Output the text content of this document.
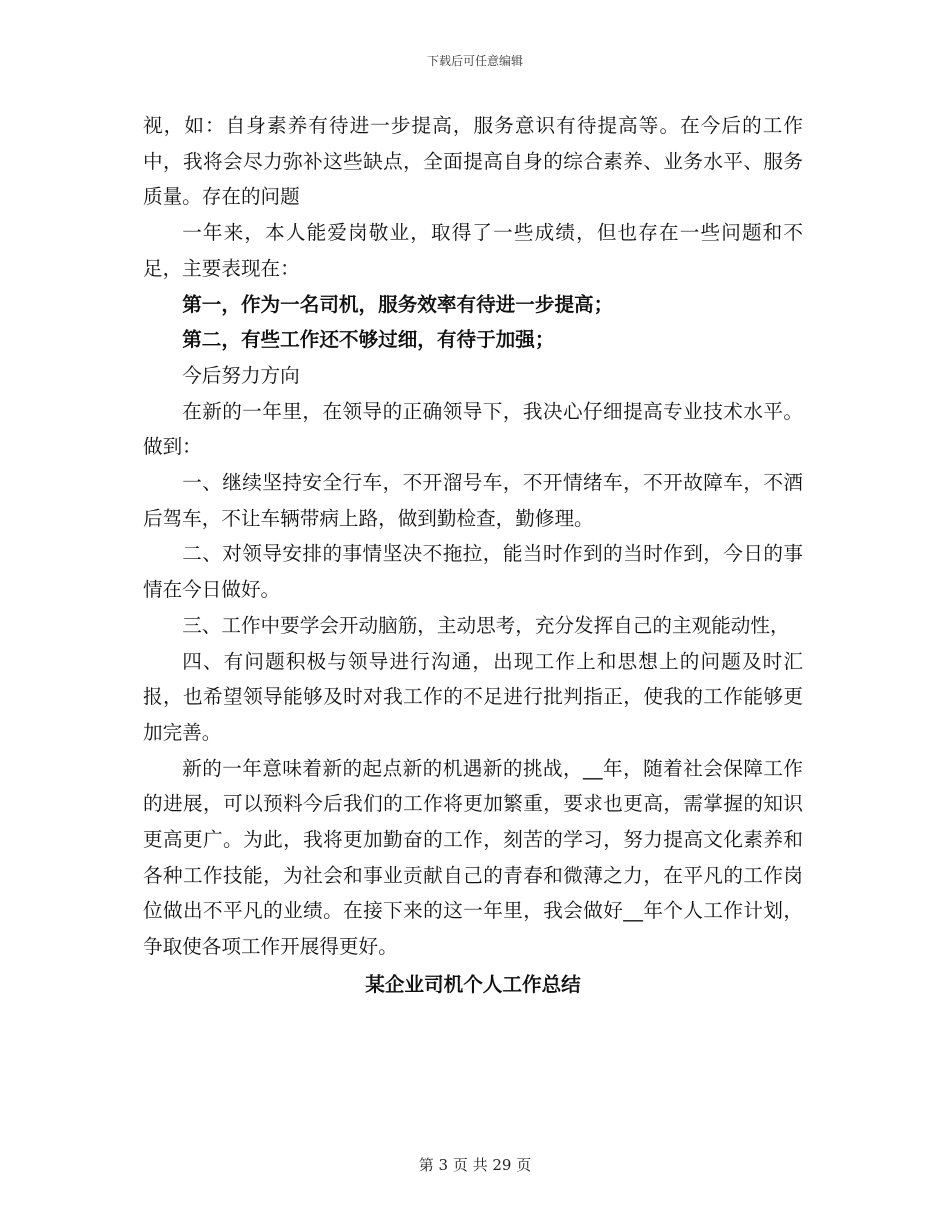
下载后可任意编辑

视，如：自身素养有待进一步提高，服务意识有待提高等。在今后的工作中，我将会尽力弥补这些缺点，全面提高自身的综合素养、业务水平、服务质量。存在的问题

一年来，本人能爱岗敬业，取得了一些成绩，但也存在一些问题和不足，主要表现在：

第一，作为一名司机，服务效率有待进一步提高；

第二，有些工作还不够过细，有待于加强；

今后努力方向

在新的一年里，在领导的正确领导下，我决心仔细提高专业技术水平。做到：

一、继续坚持安全行车，不开溜号车，不开情绪车，不开故障车，不酒后驾车，不让车辆带病上路，做到勤检查，勤修理。

二、对领导安排的事情坚决不拖拉，能当时作到的当时作到，今日的事情在今日做好。

三、工作中要学会开动脑筋，主动思考，充分发挥自己的主观能动性，

四、有问题积极与领导进行沟通，出现工作上和思想上的问题及时汇报，也希望领导能够及时对我工作的不足进行批判指正，使我的工作能够更加完善。

新的一年意味着新的起点新的机遇新的挑战，__年，随着社会保障工作的进展，可以预料今后我们的工作将更加繁重，要求也更高，需掌握的知识更高更广。为此，我将更加勤奋的工作，刻苦的学习，努力提高文化素养和各种工作技能，为社会和事业贡献自己的青春和微薄之力，在平凡的工作岗位做出不平凡的业绩。在接下来的这一年里，我会做好__年个人工作计划，争取使各项工作开展得更好。

某企业司机个人工作总结

第 3 页 共 29 页
